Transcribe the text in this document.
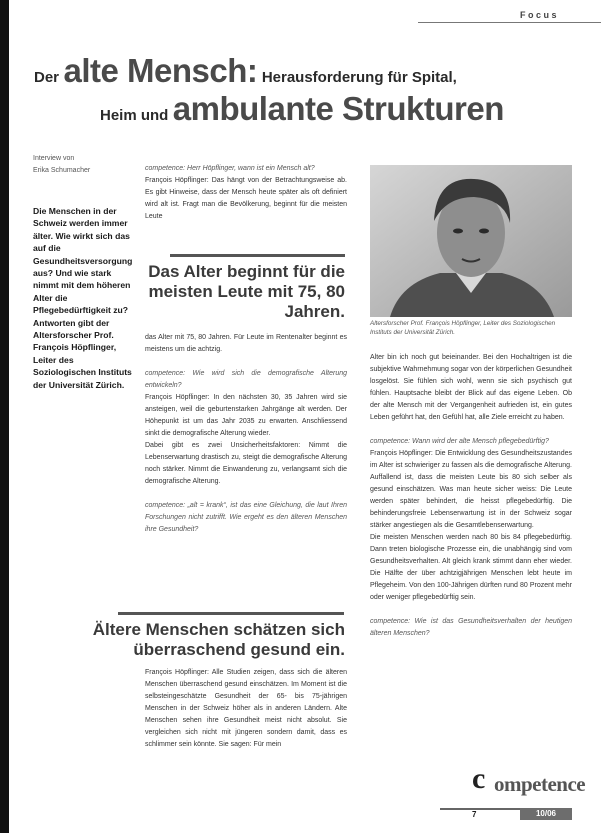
Focus
Der alte Mensch: Herausforderung für Spital,
Heim und ambulante Strukturen
Interview von
Erika Schumacher
Die Menschen in der Schweiz werden immer älter. Wie wirkt sich das auf die Gesundheitsversorgung aus? Und wie stark nimmt mit dem höheren Alter die Pflegebedürftigkeit zu? Antworten gibt der Altersforscher Prof. François Höpflinger, Leiter des Soziologischen Instituts der Universität Zürich.

competence: Herr Höpflinger, wann ist ein Mensch alt?

François Höpflinger: Das hängt von der Betrachtungsweise ab. Es gibt Hinweise, dass der Mensch heute später als oft definiert wird alt ist. Fragt man die Bevölkerung, beginnt für die meisten Leute

Das Alter beginnt für die meisten Leute mit 75, 80 Jahren.

das Alter mit 75, 80 Jahren. Für Leute im Rentenalter beginnt es meistens um die achtzig.

competence: Wie wird sich die demografische Alterung entwickeln?

François Höpflinger: In den nächsten 30, 35 Jahren wird sie ansteigen, weil die geburtenstarken Jahrgänge alt werden. Der Höhepunkt ist um das Jahr 2035 zu erwarten. Anschliessend sinkt die demografische Alterung wieder.

Dabei gibt es zwei Unsicherheitsfaktoren: Nimmt die Lebenserwartung drastisch zu, steigt die demografische Alterung noch stärker. Nimmt die Einwanderung zu, verlangsamt sich die demografische Alterung.

competence: „alt = krank“, ist das eine Gleichung, die laut Ihren Forschungen nicht zutrifft. Wie ergeht es den älteren Menschen ihre Gesundheit?

Ältere Menschen schätzen sich überraschend gesund ein.

François Höpflinger: Alle Studien zeigen, dass sich die älteren Menschen überraschend gesund einschätzen. Im Moment ist die selbsteingeschätzte Gesundheit der 65- bis 75-jährigen Menschen in der Schweiz höher als in anderen Ländern. Alte Menschen sehen ihre Gesundheit meist nicht absolut. Sie vergleichen sich nicht mit jüngeren sondern damit, dass es schlimmer sein könnte. Sie sagen: Für mein

Altersforscher Prof. François Höpflinger, Leiter des Soziologischen Instituts der Universität Zürich.

Alter bin ich noch gut beieinander. Bei den Hochaltrigen ist die subjektive Wahrnehmung sogar von der körperlichen Gesundheit losgelöst. Sie fühlen sich wohl, wenn sie sich psychisch gut fühlen. Hauptsache bleibt der Blick auf das eigene Leben. Ob der alte Mensch mit der Vergangenheit aufrieden ist, ein gutes Leben geführt hat, den Gefühl hat, alle Ziele erreicht zu haben.

competence: Wann wird der alte Mensch pflegebedürftig?

François Höpflinger: Die Entwicklung des Gesundheitszustandes im Alter ist schwieriger zu fassen als die demografische Alterung. Auffallend ist, dass die meisten Leute bis 80 sich selber als gesund einschätzen. Was man heute sicher weiss: Die Leute werden später behindert, die heisst pflegebedürftig. Die behinderungsfreie Lebenserwartung ist in der Schweiz sogar stärker angestiegen als die Gesamtlebenserwartung.

Die meisten Menschen werden nach 80 bis 84 pflegebedürftig. Dann treten biologische Prozesse ein, die unabhängig sind vom Gesundheitsverhalten. Alt gleich krank stimmt dann eher wieder. Die Hälfte der über achtzigjährigen Menschen lebt heute im Pflegeheim. Von den 100-Jährigen dürften rund 80 Prozent mehr oder weniger pflegebedürftig sein.

competence: Wie ist das Gesundheitsverhalten der heutigen älteren Menschen?

c ompetence
7	10/06
